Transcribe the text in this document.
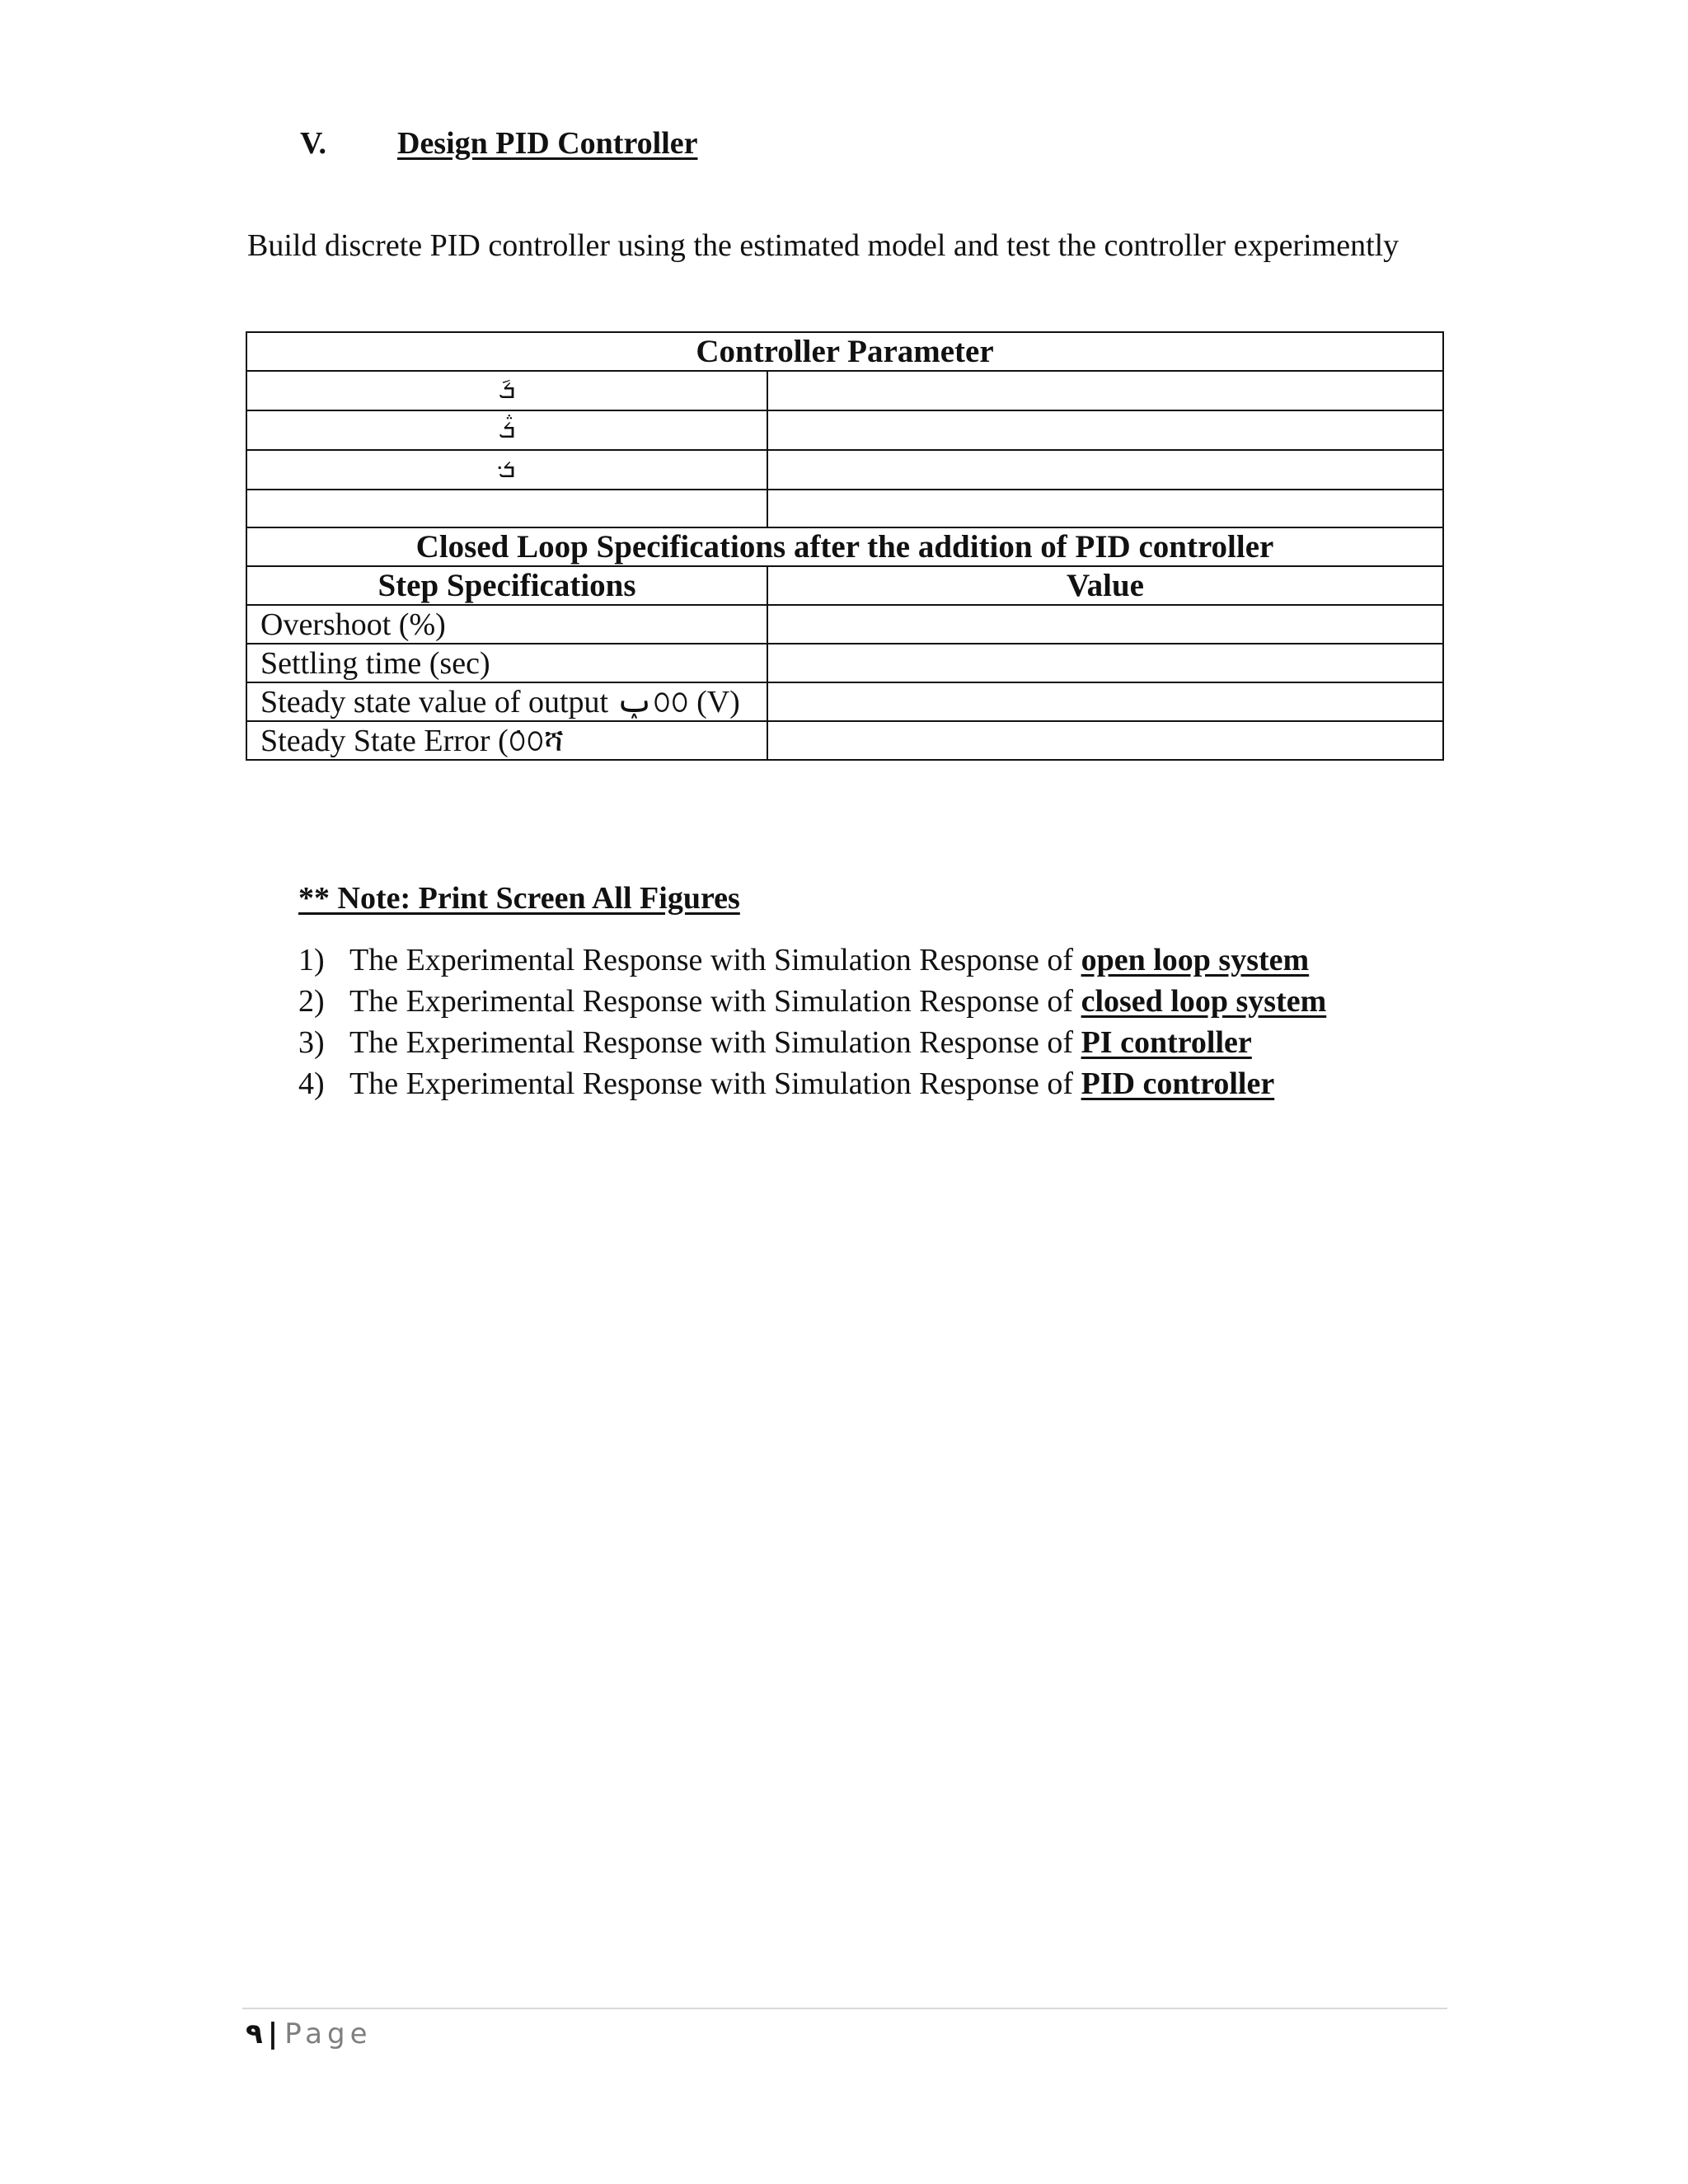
V. Design PID Controller
Build discrete PID controller using the estimated model and test the controller experimently
Controller Parameter	
݇ܭ	
ܭ݅	
ܭ݀	

Closed Loop Specifications after the addition of PID controller	
Step Specifications	Value
Overshoot (%)	
Settling time (sec)	
Steady state value of output ݕ௦௦ (V)	
Steady State Error (݁௦௦ሻ	
** Note: Print Screen All Figures
1) The Experimental Response with Simulation Response of open loop system
2) The Experimental Response with Simulation Response of closed loop system
3) The Experimental Response with Simulation Response of PI controller
4) The Experimental Response with Simulation Response of PID controller
٩ | Page
